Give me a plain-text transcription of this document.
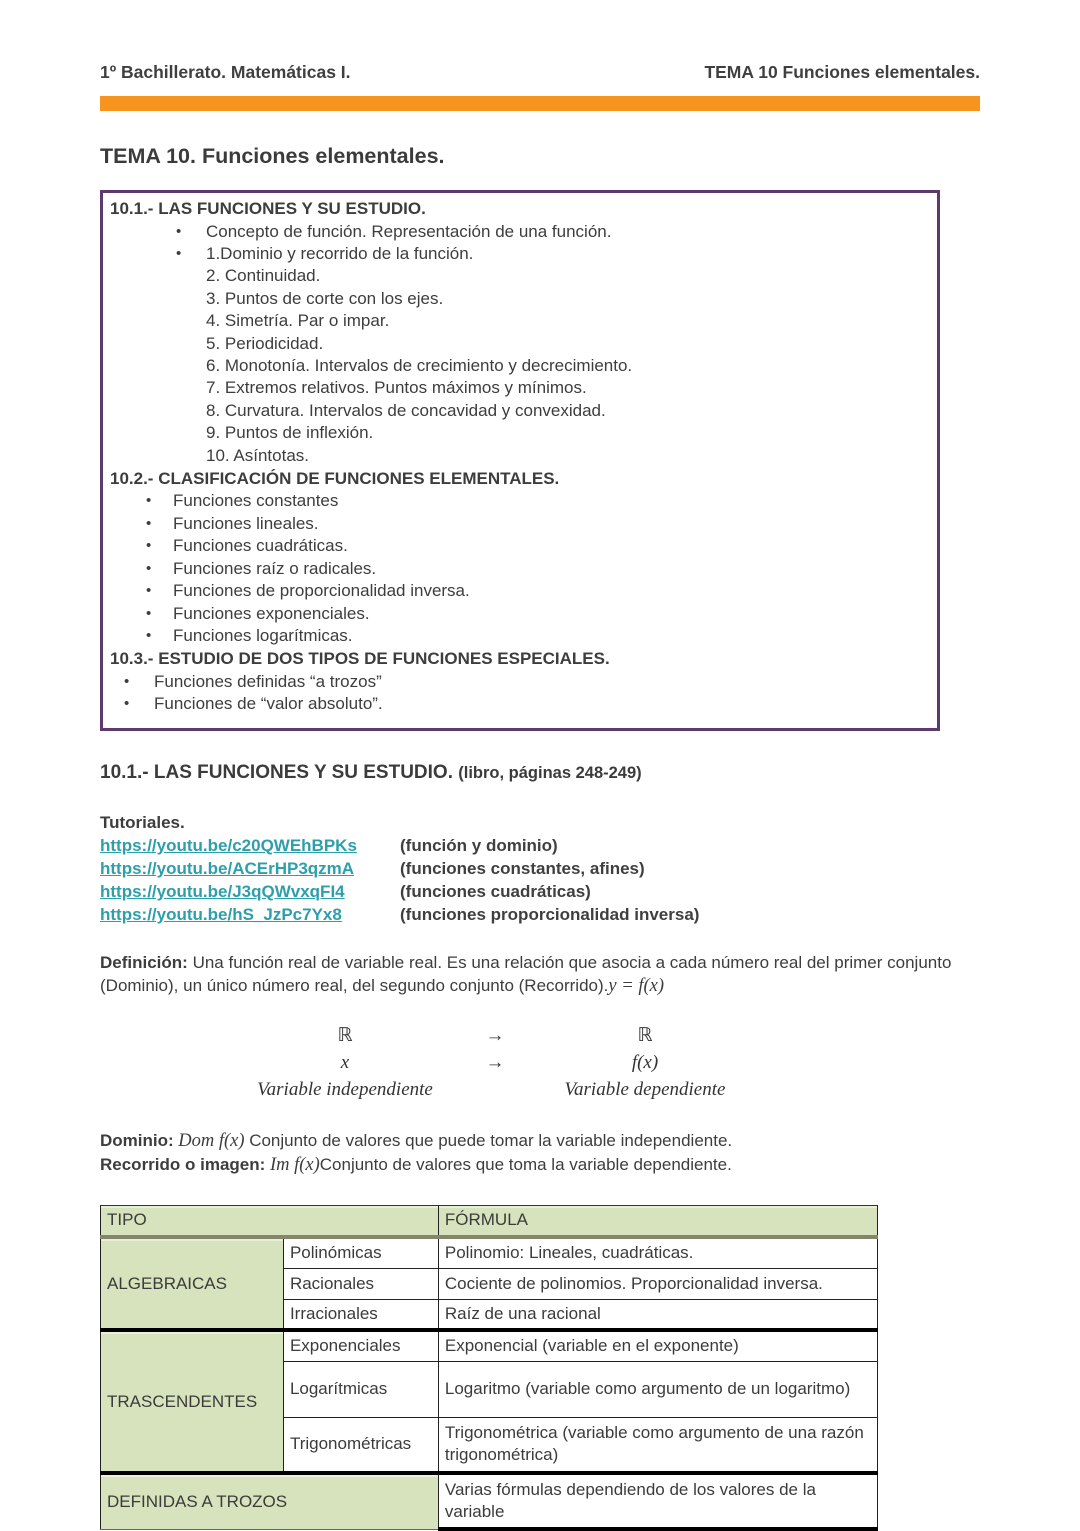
1º Bachillerato. Matemáticas I.	TEMA 10 Funciones elementales.
TEMA 10. Funciones elementales.
10.1.- LAS FUNCIONES Y SU ESTUDIO.
• Concepto de función. Representación de una función.
• 1.Dominio y recorrido de la función.
2. Continuidad.
3. Puntos de corte con los ejes.
4. Simetría. Par o impar.
5. Periodicidad.
6. Monotonía. Intervalos de crecimiento y decrecimiento.
7. Extremos relativos. Puntos máximos y mínimos.
8. Curvatura. Intervalos de concavidad y convexidad.
9. Puntos de inflexión.
10. Asíntotas.
10.2.- CLASIFICACIÓN DE FUNCIONES ELEMENTALES.
• Funciones constantes
• Funciones lineales.
• Funciones cuadráticas.
• Funciones raíz o radicales.
• Funciones de proporcionalidad inversa.
• Funciones exponenciales.
• Funciones logarítmicas.
10.3.- ESTUDIO DE DOS TIPOS DE FUNCIONES ESPECIALES.
• Funciones definidas “a trozos”
• Funciones de “valor absoluto”.
10.1.- LAS FUNCIONES Y SU ESTUDIO. (libro, páginas 248-249)
Tutoriales.
https://youtu.be/c20QWEhBPKs	(función y dominio)
https://youtu.be/ACErHP3qzmA	(funciones constantes, afines)
https://youtu.be/J3qQWvxqFI4	(funciones cuadráticas)
https://youtu.be/hS_JzPc7Yx8	(funciones proporcionalidad inversa)
Definición: Una función real de variable real. Es una relación que asocia a cada número real del primer conjunto (Dominio), un único número real, del segundo conjunto (Recorrido).y = f(x)
ℝ	→	ℝ
x	→	f(x)
Variable independiente	Variable dependiente
Dominio: Dom f(x) Conjunto de valores que puede tomar la variable independiente.
Recorrido o imagen: Im f(x)Conjunto de valores que toma la variable dependiente.
TIPO		FÓRMULA
ALGEBRAICAS	Polinómicas	Polinomio: Lineales, cuadráticas.
	Racionales	Cociente de polinomios. Proporcionalidad inversa.
	Irracionales	Raíz de una racional
TRASCENDENTES	Exponenciales	Exponencial (variable en el exponente)
	Logarítmicas	Logaritmo (variable como argumento de un logaritmo)
	Trigonométricas	Trigonométrica (variable como argumento de una razón trigonométrica)
DEFINIDAS A TROZOS		Varias fórmulas dependiendo de los valores de la variable
